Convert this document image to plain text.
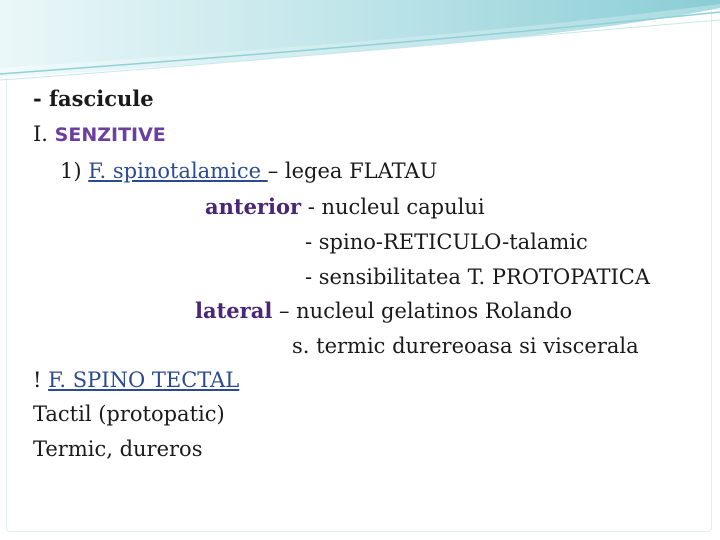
- fascicule
I. SENZITIVE
1) F. spinotalamice – legea FLATAU
anterior - nucleul capului
- spino-RETICULO-talamic
- sensibilitatea T. PROTOPATICA
lateral – nucleul gelatinos Rolando
s. termic durereoasa si viscerala
! F. SPINO TECTAL
Tactil (protopatic)
Termic, dureros
